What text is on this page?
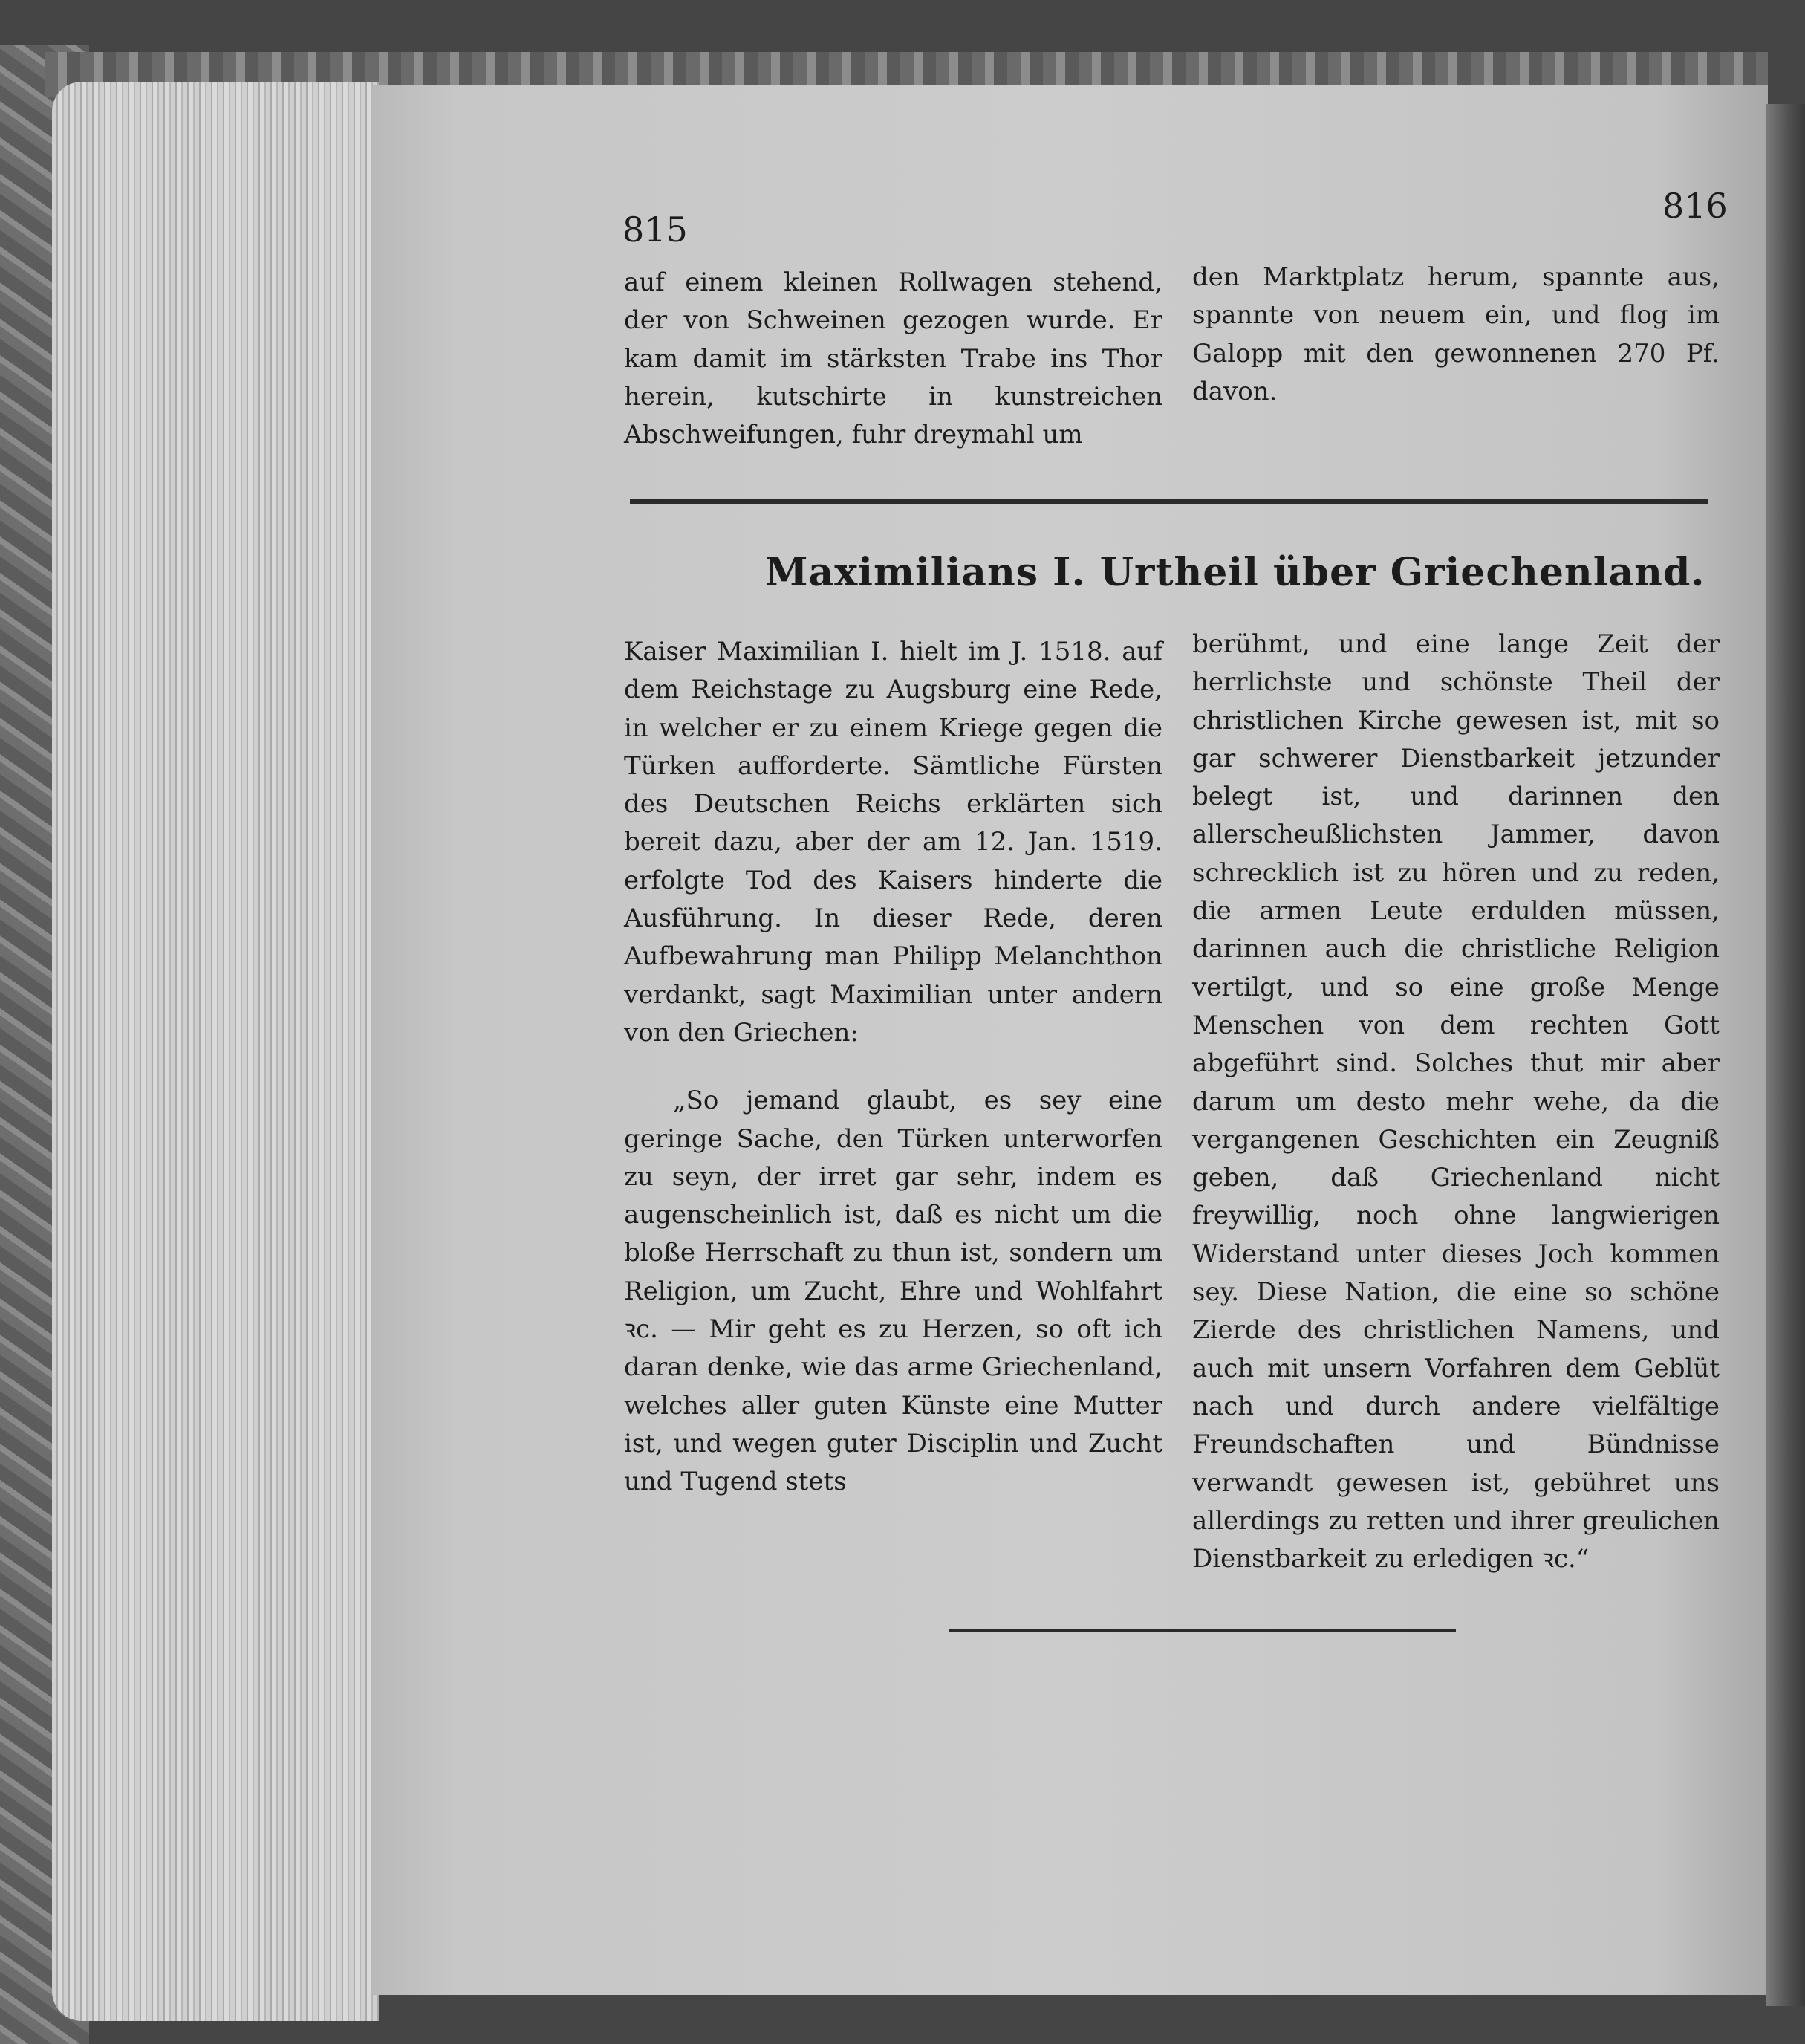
815
816
auf einem kleinen Rollwagen stehend, der von Schweinen gezogen wurde. Er kam damit im stärksten Trabe ins Thor herein, kutschirte in kunstreichen Abschweifungen, fuhr dreymahl um
den Marktplatz herum, spannte aus, spannte von neuem ein, und flog im Galopp mit den gewonnenen 270 Pf. davon.
Maximilians I. Urtheil über Griechenland.

Kaiser Maximilian I. hielt im J. 1518. auf dem Reichstage zu Augsburg eine Rede, in welcher er zu einem Kriege gegen die Türken aufforderte. Sämtliche Fürsten des Deutschen Reichs erklärten sich bereit dazu, aber der am 12. Jan. 1519. erfolgte Tod des Kaisers hinderte die Ausführung. In dieser Rede, deren Aufbewahrung man Philipp Melanchthon verdankt, sagt Maximilian unter andern von den Griechen:

„So jemand glaubt, es sey eine geringe Sache, den Türken unterworfen zu seyn, der irret gar sehr, indem es augenscheinlich ist, daß es nicht um die bloße Herrschaft zu thun ist, sondern um Religion, um Zucht, Ehre und Wohlfahrt ꝛc. — Mir geht es zu Herzen, so oft ich daran denke, wie das arme Griechenland, welches aller guten Künste eine Mutter ist, und wegen guter Disciplin und Zucht und Tugend stets

berühmt, und eine lange Zeit der herrlichste und schönste Theil der christlichen Kirche gewesen ist, mit so gar schwerer Dienstbarkeit jetzunder belegt ist, und darinnen den allerscheußlichsten Jammer, davon schrecklich ist zu hören und zu reden, die armen Leute erdulden müssen, darinnen auch die christliche Religion vertilgt, und so eine große Menge Menschen von dem rechten Gott abgeführt sind. Solches thut mir aber darum um desto mehr wehe, da die vergangenen Geschichten ein Zeugniß geben, daß Griechenland nicht freywillig, noch ohne langwierigen Widerstand unter dieses Joch kommen sey. Diese Nation, die eine so schöne Zierde des christlichen Namens, und auch mit unsern Vorfahren dem Geblüt nach und durch andere vielfältige Freundschaften und Bündnisse verwandt gewesen ist, gebühret uns allerdings zu retten und ihrer greulichen Dienstbarkeit zu erledigen ꝛc.“
